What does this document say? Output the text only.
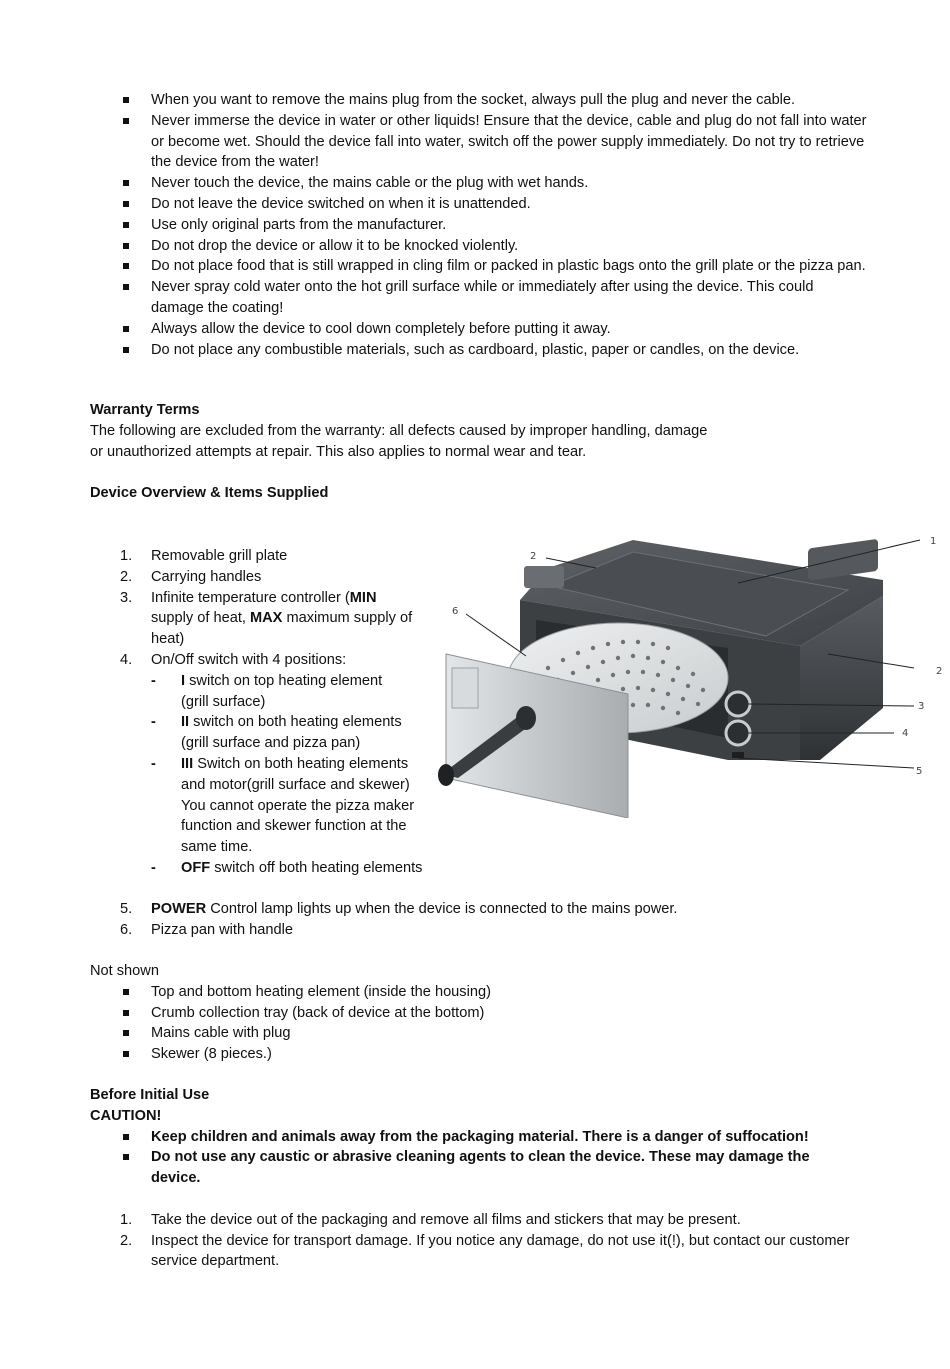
When you want to remove the mains plug from the socket, always pull the plug and never the cable.
Never immerse the device in water or other liquids! Ensure that the device, cable and plug do not fall into water or become wet. Should the device fall into water, switch off the power supply immediately. Do not try to retrieve the device from the water!
Never touch the device, the mains cable or the plug with wet hands.
Do not leave the device switched on when it is unattended.
Use only original parts from the manufacturer.
Do not drop the device or allow it to be knocked violently.
Do not place food that is still wrapped in cling film or packed in plastic bags onto the grill plate or the pizza pan.
Never spray cold water onto the hot grill surface while or immediately after using the device. This could damage the coating!
Always allow the device to cool down completely before putting it away.
Do not place any combustible materials, such as cardboard, plastic, paper or candles, on the device.

Warranty Terms

The following are excluded from the warranty: all defects caused by improper handling, damage

or unauthorized attempts at repair. This also applies to normal wear and tear.

Device Overview & Items Supplied

1. Removable grill plate
2. Carrying handles
3. Infinite temperature controller (MIN supply of heat, MAX maximum supply of heat)
4. On/Off switch with 4 positions:
- I switch on top heating element (grill surface)
- II switch on both heating elements (grill surface and pizza pan)
- III Switch on both heating elements and motor(grill surface and skewer) You cannot operate the pizza maker function and skewer function at the same time.
- OFF switch off both heating elements
5. POWER Control lamp lights up when the device is connected to the mains power.
6. Pizza pan with handle
1
2
2
3
4
5
6

Not shown

Top and bottom heating element (inside the housing)
Crumb collection tray (back of device at the bottom)
Mains cable with plug
Skewer (8 pieces.)

Before Initial Use

CAUTION!

Keep children and animals away from the packaging material. There is a danger of suffocation!
Do not use any caustic or abrasive cleaning agents to clean the device. These may damage the device.
1. Take the device out of the packaging and remove all films and stickers that may be present.
2. Inspect the device for transport damage. If you notice any damage, do not use it(!), but contact our customer service department.
